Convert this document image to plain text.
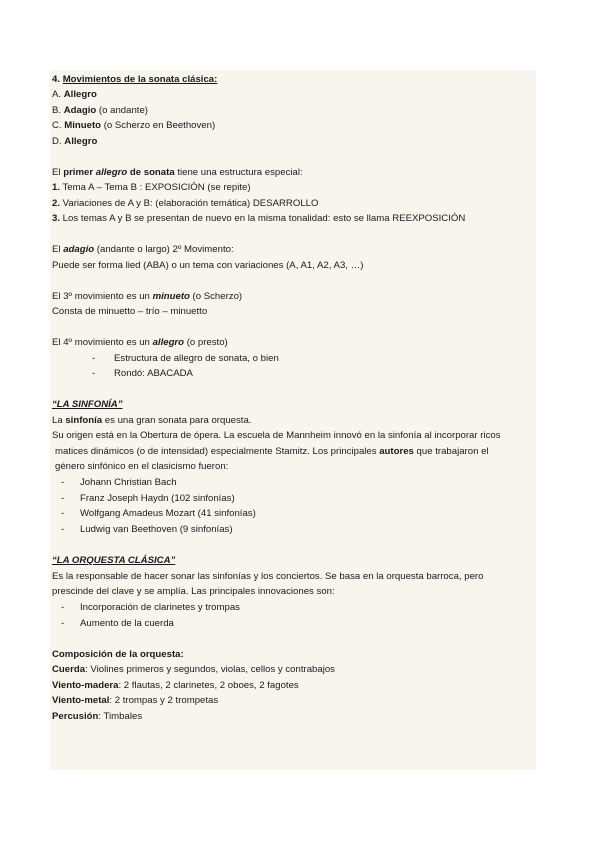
4. Movimientos de la sonata clásica:
A. Allegro
B. Adagio (o andante)
C. Minueto (o Scherzo en Beethoven)
D. Allegro
El primer allegro de sonata tiene una estructura especial:
1. Tema A – Tema B : EXPOSICIÓN (se repite)
2. Variaciones de A y B: (elaboración temática) DESARROLLO
3. Los temas A y B se presentan de nuevo en la misma tonalidad: esto se llama REEXPOSICIÓN
El adagio (andante o largo) 2º Movimento:
Puede ser forma lied (ABA) o un tema con variaciones (A, A1, A2, A3, …)
El 3º movimiento es un minueto (o Scherzo)
Consta de minuetto – trío – minuetto
El 4º movimiento es un allegro (o presto)
- Estructura de allegro de sonata, o bien
- Rondó: ABACADA
“LA SINFONÍA”
La sinfonía es una gran sonata para orquesta.
Su origen está en la Obertura de ópera. La escuela de Mannheim innovó en la sinfonía al incorporar ricos
matices dinámicos (o de intensidad) especialmente Stamitz. Los principales autores que trabajaron el
género sinfónico en el clasicismo fueron:
- Johann Christian Bach
- Franz Joseph Haydn (102 sinfonías)
- Wolfgang Amadeus Mozart (41 sinfonías)
- Ludwig van Beethoven (9 sinfonías)
“LA ORQUESTA CLÁSICA”
Es la responsable de hacer sonar las sinfonías y los conciertos. Se basa en la orquesta barroca, pero
prescinde del clave y se amplía. Las principales innovaciones son:
- Incorporación de clarinetes y trompas
- Aumento de la cuerda
Composición de la orquesta:
Cuerda: Violines primeros y segundos, violas, cellos y contrabajos
Viento-madera: 2 flautas, 2 clarinetes, 2 oboes, 2 fagotes
Viento-metal: 2 trompas y 2 trompetas
Percusión: Timbales
